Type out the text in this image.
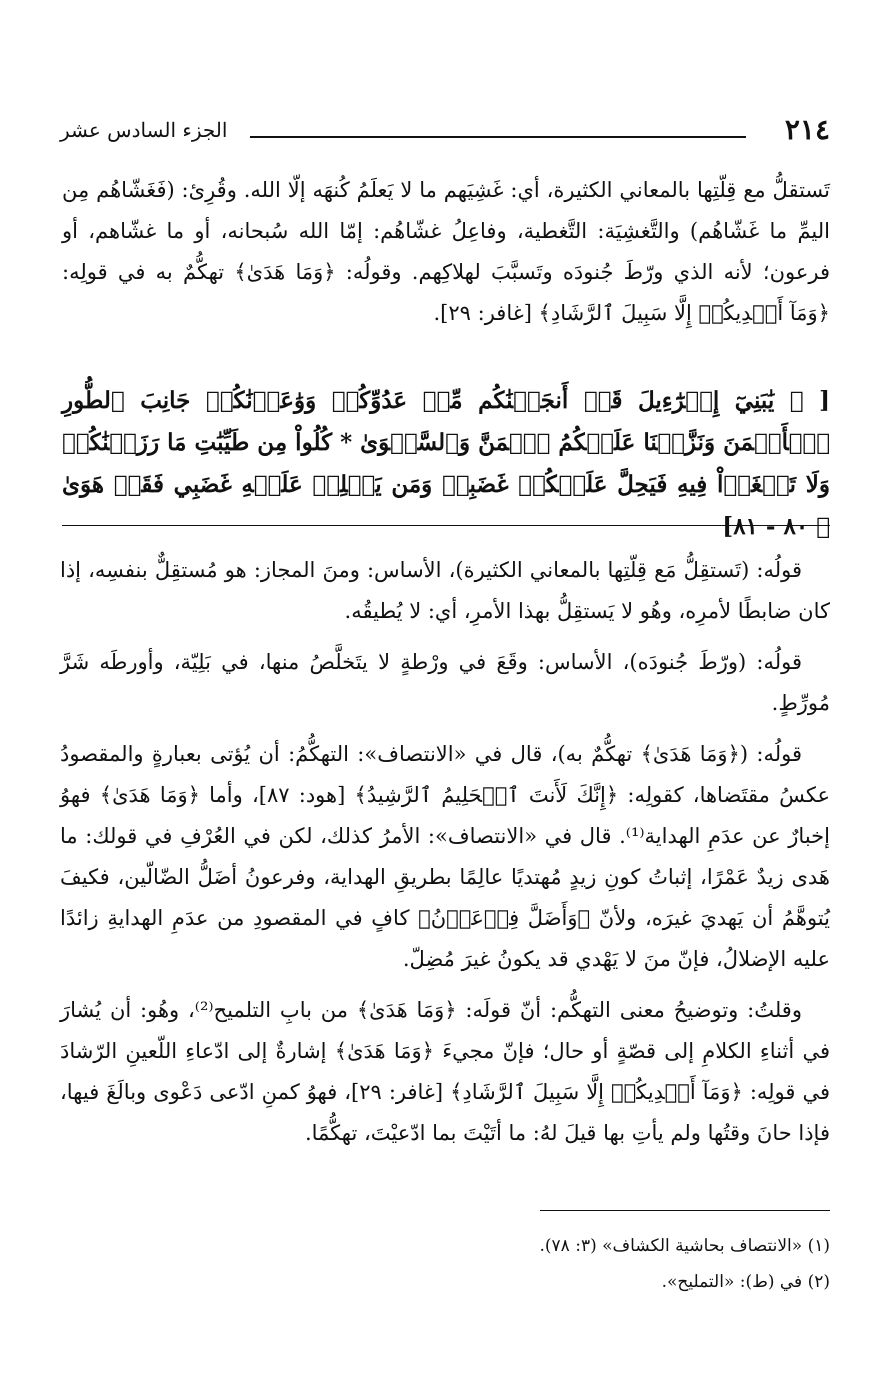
٢١٤
الجزء السادس عشر

تَستقلُّ مع قِلّتِها بالمعاني الكثيرة، أي: غَشِيَهم ما لا يَعلَمُ كُنهَه إلّا الله. وقُرِئ: (فَغَشّاهُم مِن اليمِّ ما غَشّاهُم) والتَّغشِيَة: التَّغطية، وفاعِلُ غشّاهُم: إمّا الله سُبحانه، أو ما غشّاهم، أو فرعون؛ لأنه الذي ورّطَ جُنودَه وتَسبَّبَ لهلاكِهم. وقولُه: ﴿وَمَا هَدَىٰ﴾ تهكُّمٌ به في قولِه: ﴿وَمَآ أَهۡدِيكُمۡ إِلَّا سَبِيلَ ٱلرَّشَادِ﴾ [غافر: ٢٩].

[ ﴿ يَٰبَنِيٓ إِسۡرَٰٓءِيلَ قَدۡ أَنجَيۡنَٰكُم مِّنۡ عَدُوِّكُمۡ وَوَٰعَدۡنَٰكُمۡ جَانِبَ ٱلطُّورِ ٱلۡأَيۡمَنَ وَنَزَّلۡنَا عَلَيۡكُمُ ٱلۡمَنَّ وَٱلسَّلۡوَىٰ * كُلُواْ مِن طَيِّبَٰتِ مَا رَزَقۡنَٰكُمۡ وَلَا تَطۡغَوۡاْ فِيهِ فَيَحِلَّ عَلَيۡكُمۡ غَضَبِيۖ وَمَن يَحۡلِلۡ عَلَيۡهِ غَضَبِي فَقَدۡ هَوَىٰ ﴾ ٨٠ - ٨١]

قولُه: (تَستقِلُّ مَع قِلّتِها بالمعاني الكثيرة)، الأساس: ومنَ المجاز: هو مُستقِلٌّ بنفسِه، إذا كان ضابطًا لأمرِه، وهُو لا يَستقِلُّ بهذا الأمرِ، أي: لا يُطيقُه.

قولُه: (ورّطَ جُنودَه)، الأساس: وقَعَ في ورْطةٍ لا يتَخلَّصُ منها، في بَلِيّة، وأورطَه شَرَّ مُورِّطٍ.

قولُه: (﴿وَمَا هَدَىٰ﴾ تهكُّمٌ به)، قال في «الانتصاف»: التهكُّمُ: أن يُؤتى بعبارةٍ والمقصودُ عكسُ مقتَضاها، كقولِه: ﴿إِنَّكَ لَأَنتَ ٱلۡحَلِيمُ ٱلرَّشِيدُ﴾ [هود: ٨٧]، وأما ﴿وَمَا هَدَىٰ﴾ فهوُ إخبارٌ عن عدَمِ الهداية⁽¹⁾. قال في «الانتصاف»: الأمرُ كذلك، لكن في العُرْفِ في قولك: ما هَدى زيدٌ عَمْرًا، إثباتُ كونِ زيدٍ مُهتديًا عالِمًا بطريقِ الهداية، وفرعونُ أضَلُّ الضّالّين، فكيفَ يُتوهَّمُ أن يَهديَ غيرَه، ولأنّ ﴿وَأَضَلَّ فِرۡعَوۡنُ﴾ كافٍ في المقصودِ من عدَمِ الهدايةِ زائدًا عليه الإضلالُ، فإنّ منَ لا يَهْدي قد يكونُ غيرَ مُضِلّ.

وقلتُ: وتوضيحُ معنى التهكُّم: أنّ قولَه: ﴿وَمَا هَدَىٰ﴾ من بابِ التلميح⁽²⁾، وهُو: أن يُشارَ في أثناءِ الكلامِ إلى قصّةٍ أو حال؛ فإنّ مجيءَ ﴿وَمَا هَدَىٰ﴾ إشارةٌ إلى ادّعاءِ اللّعينِ الرّشادَ في قولِه: ﴿وَمَآ أَهۡدِيكُمۡ إِلَّا سَبِيلَ ٱلرَّشَادِ﴾ [غافر: ٢٩]، فهوُ كمنِ ادّعى دَعْوى وبالَغَ فيها، فإذا حانَ وقتُها ولم يأتِ بها قيلَ لهُ: ما أتَيْتَ بما ادّعيْتَ، تهكُّمًا.

(١) «الانتصاف بحاشية الكشاف» (٣: ٧٨).

(٢) في (ط): «التمليح».
